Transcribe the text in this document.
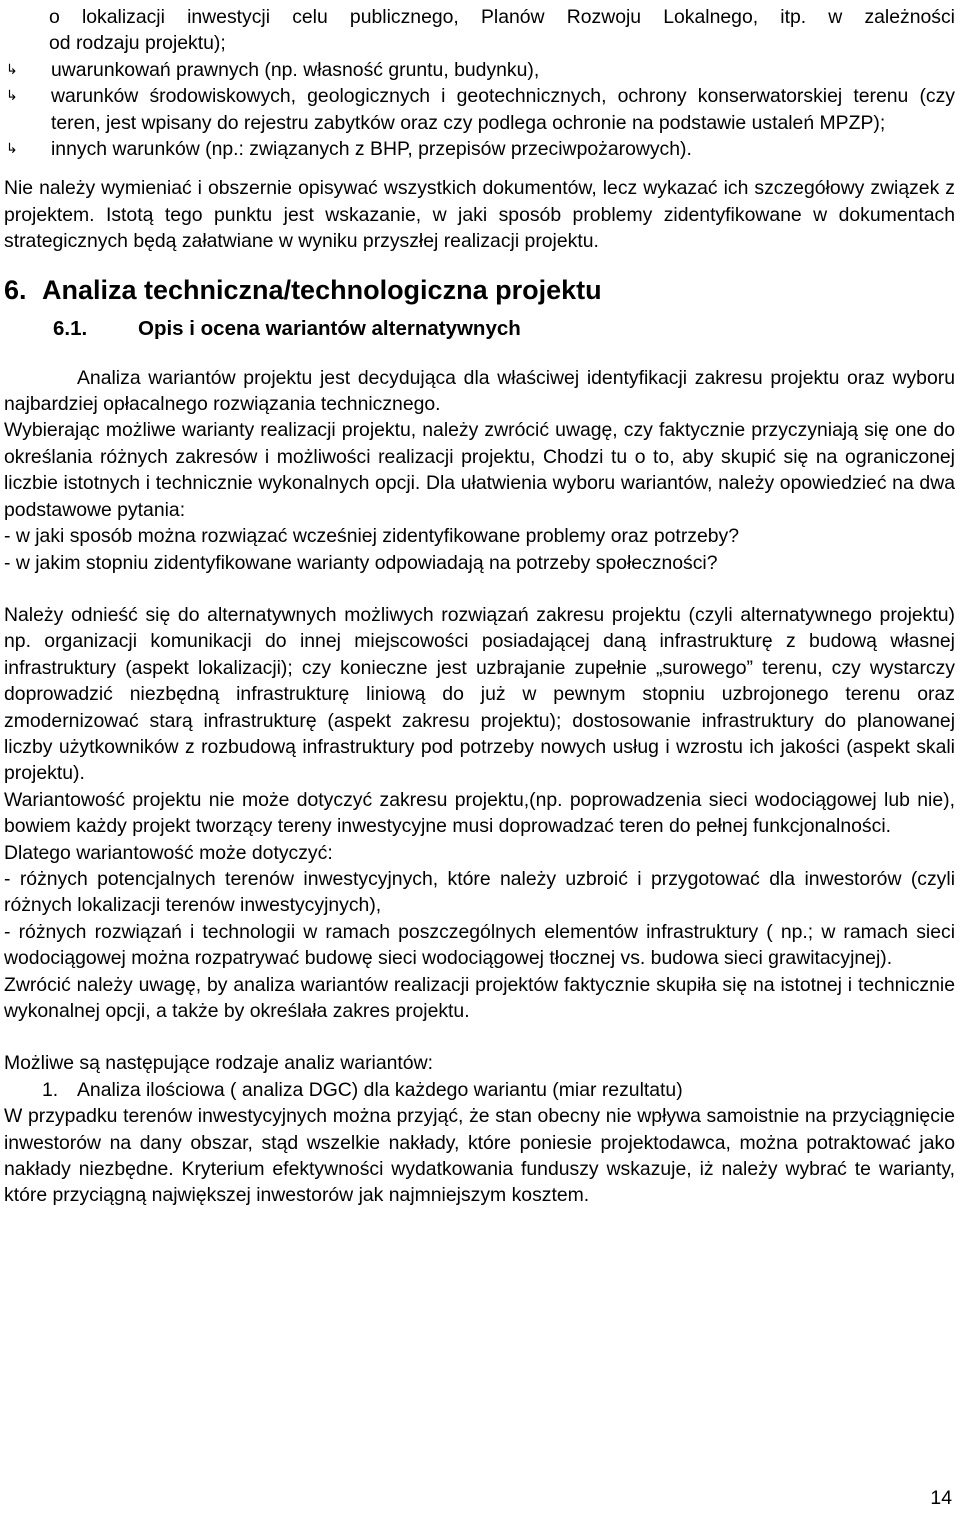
o lokalizacji inwestycji celu publicznego, Planów Rozwoju Lokalnego, itp. w zależności

od rodzaju projektu);

↳	uwarunkowań prawnych (np. własność gruntu, budynku),
↳	warunków środowiskowych, geologicznych i geotechnicznych, ochrony konserwatorskiej terenu (czy teren, jest wpisany do rejestru zabytków oraz czy podlega ochronie na podstawie ustaleń MPZP);
↳	innych warunków (np.: związanych z BHP, przepisów przeciwpożarowych).

Nie należy wymieniać i obszernie opisywać wszystkich dokumentów, lecz wykazać ich szczegółowy związek z projektem. Istotą tego punktu jest wskazanie, w jaki sposób problemy zidentyfikowane w dokumentach strategicznych będą załatwiane w wyniku przyszłej realizacji projektu.

6. Analiza techniczna/technologiczna projektu
6.1.	Opis i ocena wariantów alternatywnych

Analiza wariantów projektu jest decydująca dla właściwej identyfikacji zakresu projektu oraz wyboru najbardziej opłacalnego rozwiązania technicznego.

Wybierając możliwe warianty realizacji projektu, należy zwrócić uwagę, czy faktycznie przyczyniają się one do określania różnych zakresów i możliwości realizacji projektu, Chodzi tu o to, aby skupić się na ograniczonej liczbie istotnych i technicznie wykonalnych opcji. Dla ułatwienia wyboru wariantów, należy opowiedzieć na dwa podstawowe pytania:

- w jaki sposób można rozwiązać wcześniej zidentyfikowane problemy oraz potrzeby?

- w jakim stopniu zidentyfikowane warianty odpowiadają na potrzeby społeczności?

Należy odnieść się do alternatywnych możliwych rozwiązań zakresu projektu (czyli alternatywnego projektu) np. organizacji komunikacji do innej miejscowości posiadającej daną infrastrukturę z budową własnej infrastruktury (aspekt lokalizacji); czy konieczne jest uzbrajanie zupełnie „surowego” terenu, czy wystarczy doprowadzić niezbędną infrastrukturę liniową do już w pewnym stopniu uzbrojonego terenu oraz zmodernizować starą infrastrukturę (aspekt zakresu projektu); dostosowanie infrastruktury do planowanej liczby użytkowników z rozbudową infrastruktury pod potrzeby nowych usług i wzrostu ich jakości (aspekt skali projektu).

Wariantowość projektu nie może dotyczyć zakresu projektu,(np. poprowadzenia sieci wodociągowej lub nie), bowiem każdy projekt tworzący tereny inwestycyjne musi doprowadzać teren do pełnej funkcjonalności.

Dlatego wariantowość może dotyczyć:

- różnych potencjalnych terenów inwestycyjnych, które należy uzbroić i przygotować dla inwestorów (czyli różnych lokalizacji terenów inwestycyjnych),

- różnych rozwiązań i technologii w ramach poszczególnych elementów infrastruktury ( np.; w ramach sieci wodociągowej można rozpatrywać budowę sieci wodociągowej tłocznej vs. budowa sieci grawitacyjnej).

Zwrócić należy uwagę, by analiza wariantów realizacji projektów faktycznie skupiła się na istotnej i technicznie wykonalnej opcji, a także by określała zakres projektu.

Możliwe są następujące rodzaje analiz wariantów:

1. Analiza ilościowa ( analiza DGC) dla każdego wariantu (miar rezultatu)

W przypadku terenów inwestycyjnych można przyjąć, że stan obecny nie wpływa samoistnie na przyciągnięcie inwestorów na dany obszar, stąd wszelkie nakłady, które poniesie projektodawca, można potraktować jako nakłady niezbędne. Kryterium efektywności wydatkowania funduszy wskazuje, iż należy wybrać te warianty, które przyciągną największej inwestorów jak najmniejszym kosztem.

14
